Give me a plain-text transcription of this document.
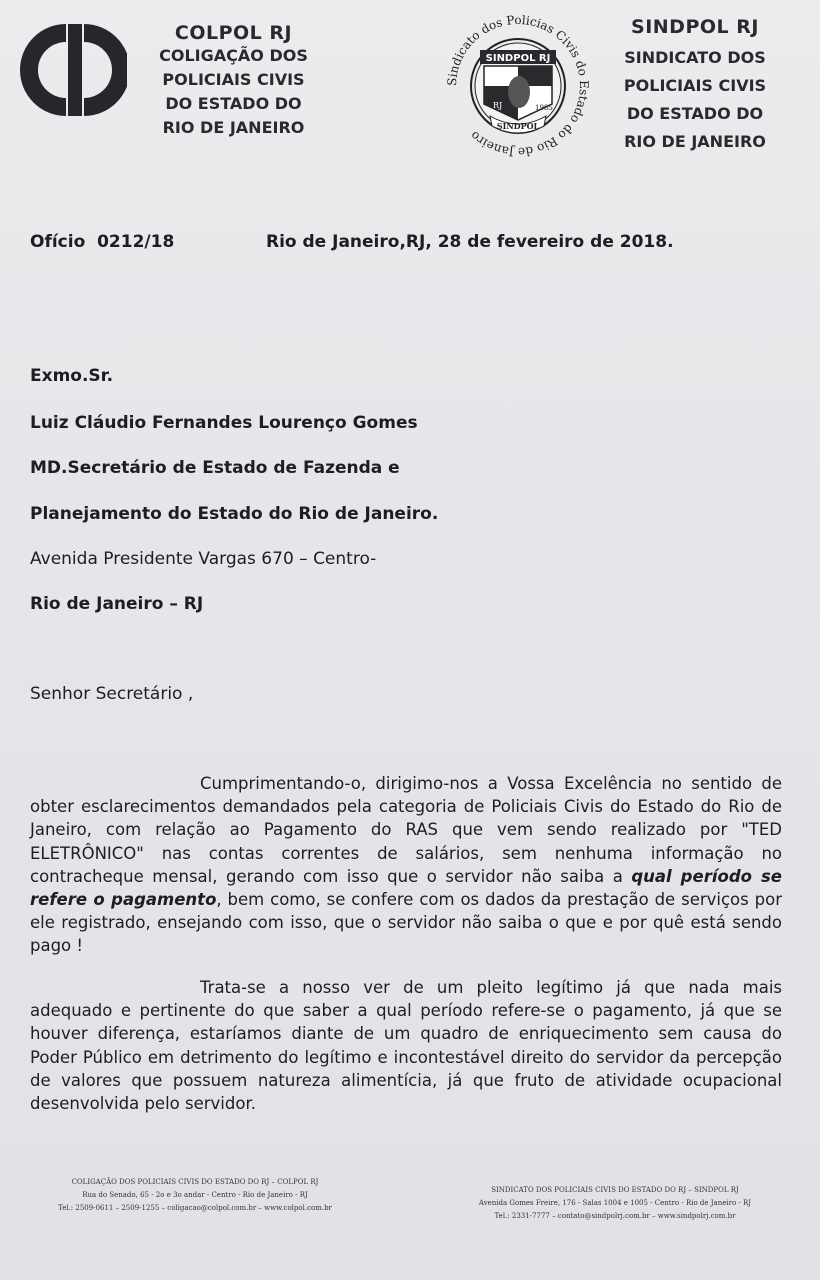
COLPOL RJ
COLIGAÇÃO DOS
POLICIAIS CIVIS
DO ESTADO DO
RIO DE JANEIRO
Sindicato dos Policias Civis do Estado do Rio de Janeiro
SINDPOL RJ
RJ	1985
SINDPOL
SINDPOL RJ
SINDICATO DOS
POLICIAIS CIVIS
DO ESTADO DO
RIO DE JANEIRO
Ofício  0212/18	Rio de Janeiro,RJ, 28 de fevereiro de 2018.
Exmo.Sr.
Luiz Cláudio Fernandes Lourenço Gomes
MD.Secretário de Estado de Fazenda e
Planejamento do Estado do Rio de Janeiro.
Avenida Presidente Vargas 670 – Centro-
Rio de Janeiro – RJ
Senhor Secretário ,
Cumprimentando-o, dirigimo-nos a Vossa Excelência no sentido de obter esclarecimentos demandados pela categoria de Policiais Civis do Estado do Rio de Janeiro, com relação ao Pagamento do RAS que vem sendo realizado por "TED ELETRÔNICO" nas contas correntes de salários, sem nenhuma informação no contracheque mensal, gerando com isso que o servidor não saiba a qual período se refere o pagamento, bem como, se confere com os dados da prestação de serviços por ele registrado, ensejando com isso, que o servidor não saiba o que e por quê está sendo pago !
Trata-se a nosso ver de um pleito legítimo já que nada mais adequado e pertinente do que saber a qual período refere-se o pagamento, já que se houver diferença, estaríamos diante de um quadro de enriquecimento sem causa do Poder Público em detrimento do legítimo e incontestável direito do servidor da percepção de valores que possuem natureza alimentícia, já que fruto de atividade ocupacional desenvolvida pelo servidor.
COLIGAÇÃO DOS POLICIAIS CIVIS DO ESTADO DO RJ – COLPOL RJ
Rua do Senado, 65 - 2o e 3o andar - Centro - Rio de Janeiro - RJ
Tel.: 2509-0611 – 2509-1255 – coligacao@colpol.com.br – www.colpol.com.br
SINDICATO DOS POLICIAIS CIVIS DO ESTADO DO RJ – SINDPOL RJ
Avenida Gomes Freire, 176 - Salas 1004 e 1005 - Centro - Rio de Janeiro - RJ
Tel.: 2331-7777 – contato@sindpolrj.com.br – www.sindpolrj.com.br
